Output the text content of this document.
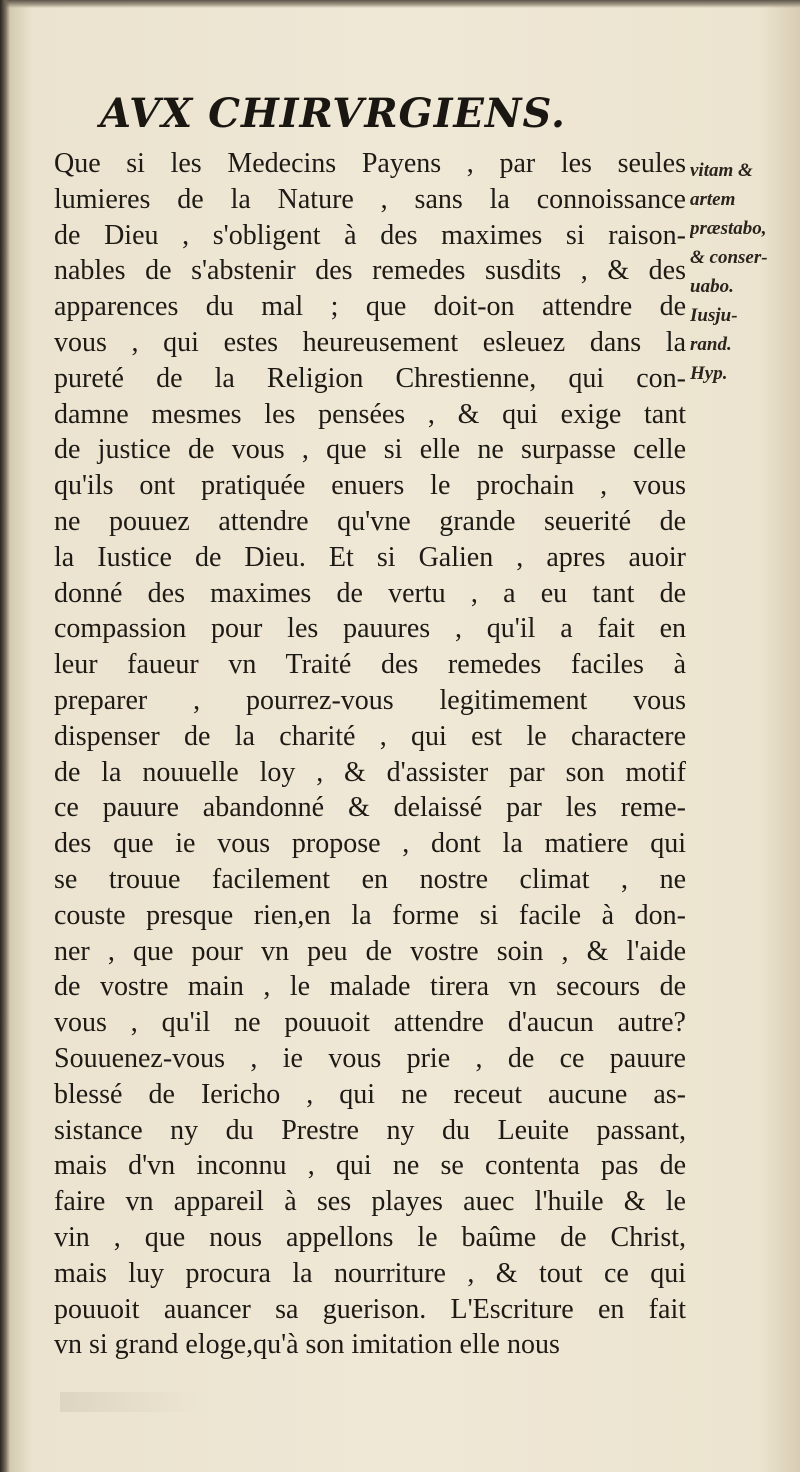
AVX CHIRVRGIENS.
Que si les Medecins Payens , par les seules
lumieres de la Nature , sans la connoissance
de Dieu , s'obligent à des maximes si raison-
nables de s'abstenir des remedes susdits , & des
apparences du mal ; que doit-on attendre de
vous , qui estes heureusement esleuez dans la
pureté de la Religion Chrestienne, qui con-
damne mesmes les pensées , & qui exige tant
de justice de vous , que si elle ne surpasse celle
qu'ils ont pratiquée enuers le prochain , vous
ne pouuez attendre qu'vne grande seuerité de
la Iustice de Dieu. Et si Galien , apres auoir
donné des maximes de vertu , a eu tant de
compassion pour les pauures , qu'il a fait en
leur faueur vn Traité des remedes faciles à
preparer , pourrez-vous legitimement vous
dispenser de la charité , qui est le charactere
de la nouuelle loy , & d'assister par son motif
ce pauure abandonné & delaissé par les reme-
des que ie vous propose , dont la matiere qui
se trouue facilement en nostre climat , ne
couste presque rien,en la forme si facile à don-
ner , que pour vn peu de vostre soin , & l'aide
de vostre main , le malade tirera vn secours de
vous , qu'il ne pouuoit attendre d'aucun autre?
Souuenez-vous , ie vous prie , de ce pauure
blessé de Iericho , qui ne receut aucune as-
sistance ny du Prestre ny du Leuite passant,
mais d'vn inconnu , qui ne se contenta pas de
faire vn appareil à ses playes auec l'huile & le
vin , que nous appellons le baûme de Christ,
mais luy procura la nourriture , & tout ce qui
pouuoit auancer sa guerison. L'Escriture en fait
vn si grand eloge,qu'à son imitation elle nous
vitam &
artem
præstabo,
& conser-
uabo.
Iusju-
rand.
Hyp.
